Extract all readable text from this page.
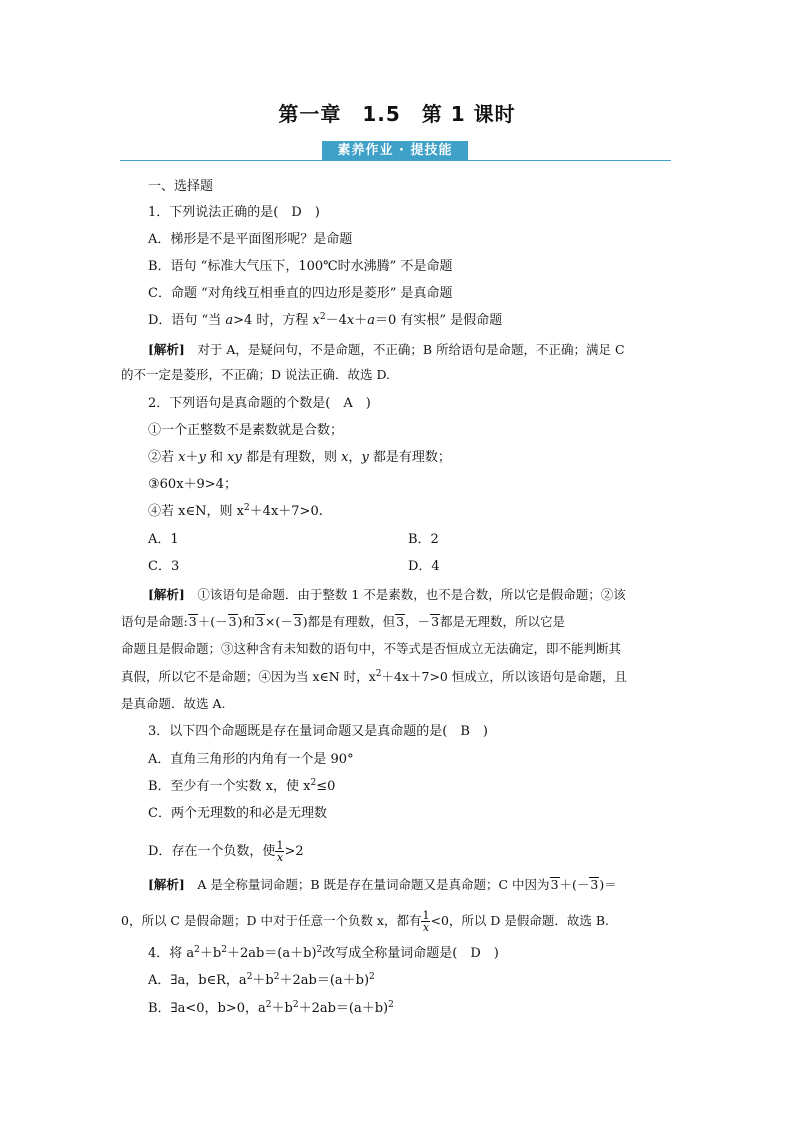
第一章　1.5　第 1 课时
素养作业 · 提技能
一、选择题
1．下列说法正确的是(　D　)
A．梯形是不是平面图形呢？是命题
B．语句 “标准大气压下，100℃时水沸腾” 不是命题
C．命题 “对角线互相垂直的四边形是菱形” 是真命题
D．语句 “当 a>4 时，方程 $x^2-4x+a=0$ 有实根” 是假命题
[解析]　 对于 A，是疑问句，不是命题，不正确；B 所给语句是命题，不正确；满足 C
的不一定是菱形，不正确；D 说法正确．故选 D.
2．下列语句是真命题的个数是(　A　)
①一个正整数不是素数就是合数；
②若 x＋y 和 xy 都是有理数，则 x，y 都是有理数；
③60x＋9>4；
④若 x∈N，则 $x^2+4x+7>0$.
A．1	B．2
C．3	D．4
[解析]　 ①该语句是命题．由于整数 1 不是素数，也不是合数，所以它是假命题；②该
语句是命题:3＋(－3)和3×(－3)都是有理数，但3，－3都是无理数，所以它是
命题且是假命题；③这种含有未知数的语句中，不等式是否恒成立无法确定，即不能判断其
真假，所以它不是命题；④因为当 x∈N 时，$x^2+4x+7>0$ 恒成立，所以该语句是命题，且
是真命题．故选 A.
3．以下四个命题既是存在量词命题又是真命题的是(　B　)
A．直角三角形的内角有一个是 90°
B．至少有一个实数 x，使 $x^2\le 0$
C．两个无理数的和必是无理数
D．存在一个负数，使 $\frac{1}{x} >2$
[解析]　 A 是全称量词命题；B 既是存在量词命题又是真命题；C 中因为3＋(－3)＝
0，所以 C 是假命题；D 中对于任意一个负数 x，都有 $\frac{1}{x} <0$，所以 D 是假命题．故选 B.
4．将 $a^2+b^2+2ab=(a+b)^2$改写成全称量词命题是(　D　)
A．∃a，b∈R，$a^2+b^2+2ab=(a+b)^2$
B．∃a<0，b>0，$a^2+b^2+2ab=(a+b)^2$
